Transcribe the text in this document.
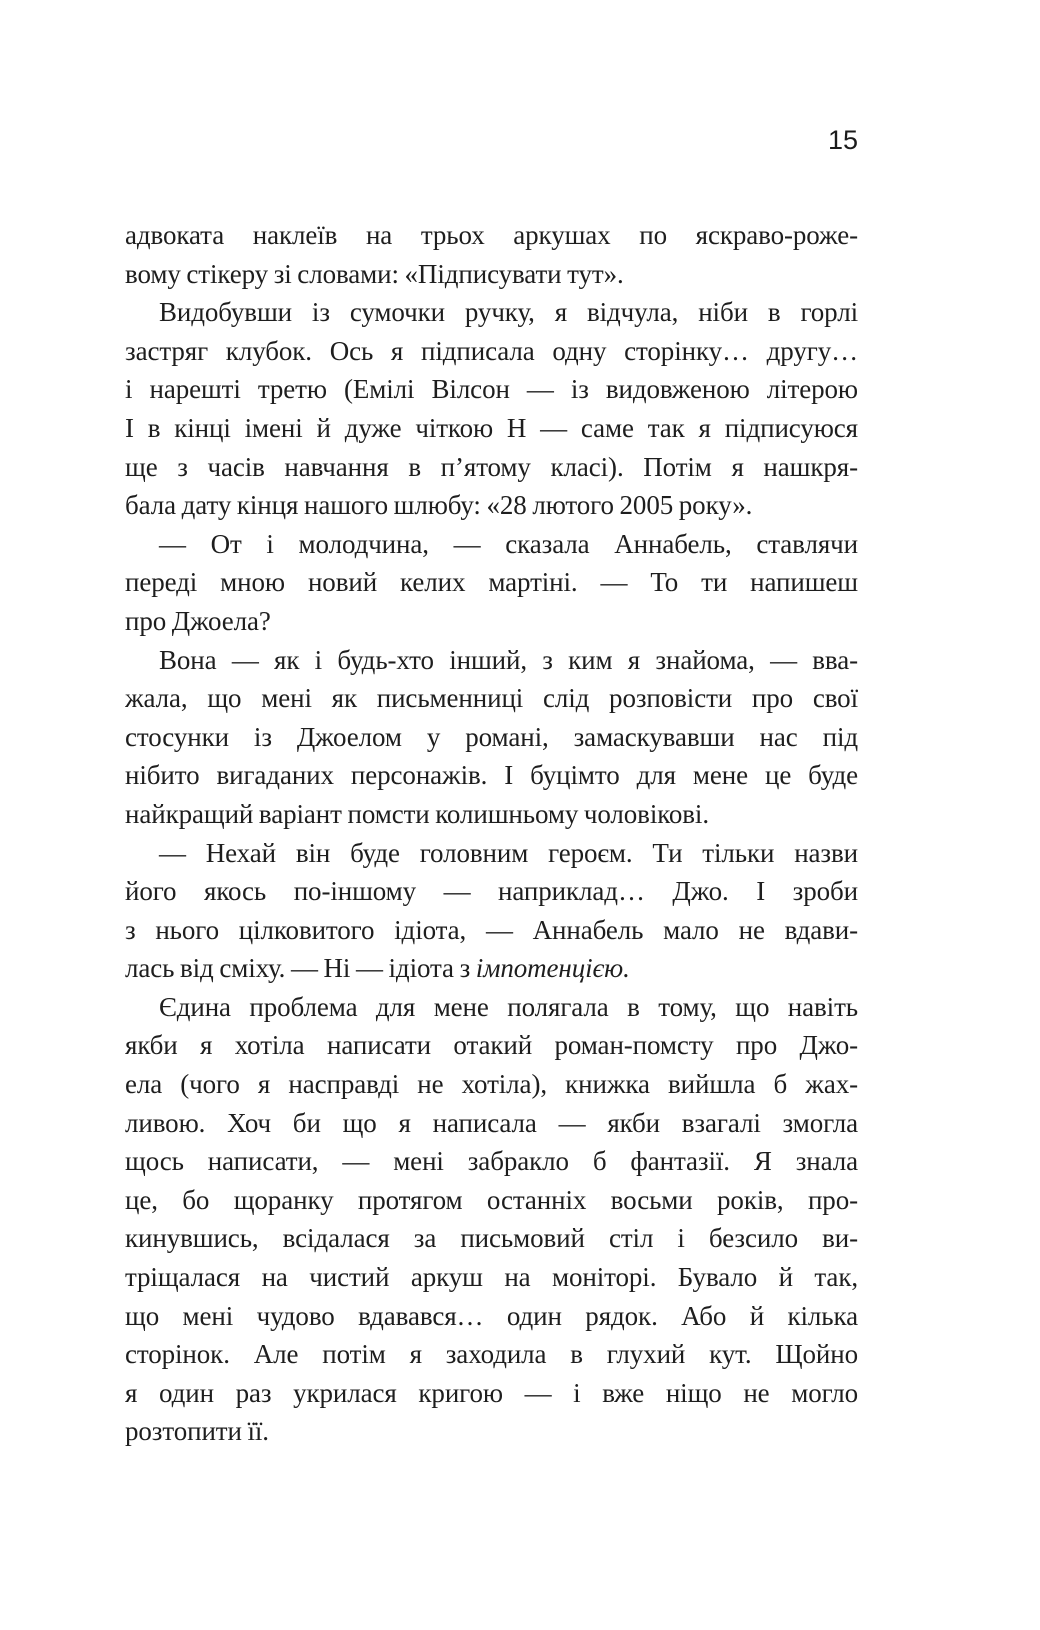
15
адвоката наклеїв на трьох аркушах по яскраво-роже-
вому стікеру зі словами: «Підписувати тут».
Видобувши із сумочки ручку, я відчула, ніби в горлі
застряг клубок. Ось я підписала одну сторінку… другу…
і нарешті третю (Емілі Вілсон — із видовженою літерою
І в кінці імені й дуже чіткою Н — саме так я підписуюся
ще з часів навчання в п’ятому класі). Потім я нашкря-
бала дату кінця нашого шлюбу: «28 лютого 2005 року».
— От і молодчина, — сказала Аннабель, ставлячи
переді мною новий келих мартіні. — То ти напишеш
про Джоела?
Вона — як і будь-хто інший, з ким я знайома, — вва-
жала, що мені як письменниці слід розповісти про свої
стосунки із Джоелом у романі, замаскувавши нас під
нібито вигаданих персонажів. І буцімто для мене це буде
найкращий варіант помсти колишньому чоловікові.
— Нехай він буде головним героєм. Ти тільки назви
його якось по-іншому — наприклад… Джо. І зроби
з нього цілковитого ідіота, — Аннабель мало не вдави-
лась від сміху. — Ні — ідіота з імпотенцією.
Єдина проблема для мене полягала в тому, що навіть
якби я хотіла написати отакий роман-помсту про Джо-
ела (чого я насправді не хотіла), книжка вийшла б жах-
ливою. Хоч би що я написала — якби взагалі змогла
щось написати, — мені забракло б фантазії. Я знала
це, бо щоранку протягом останніх восьми років, про-
кинувшись, всідалася за письмовий стіл і безсило ви-
тріщалася на чистий аркуш на моніторі. Бувало й так,
що мені чудово вдавався… один рядок. Або й кілька
сторінок. Але потім я заходила в глухий кут. Щойно
я один раз укрилася кригою — і вже ніщо не могло
розтопити її.
